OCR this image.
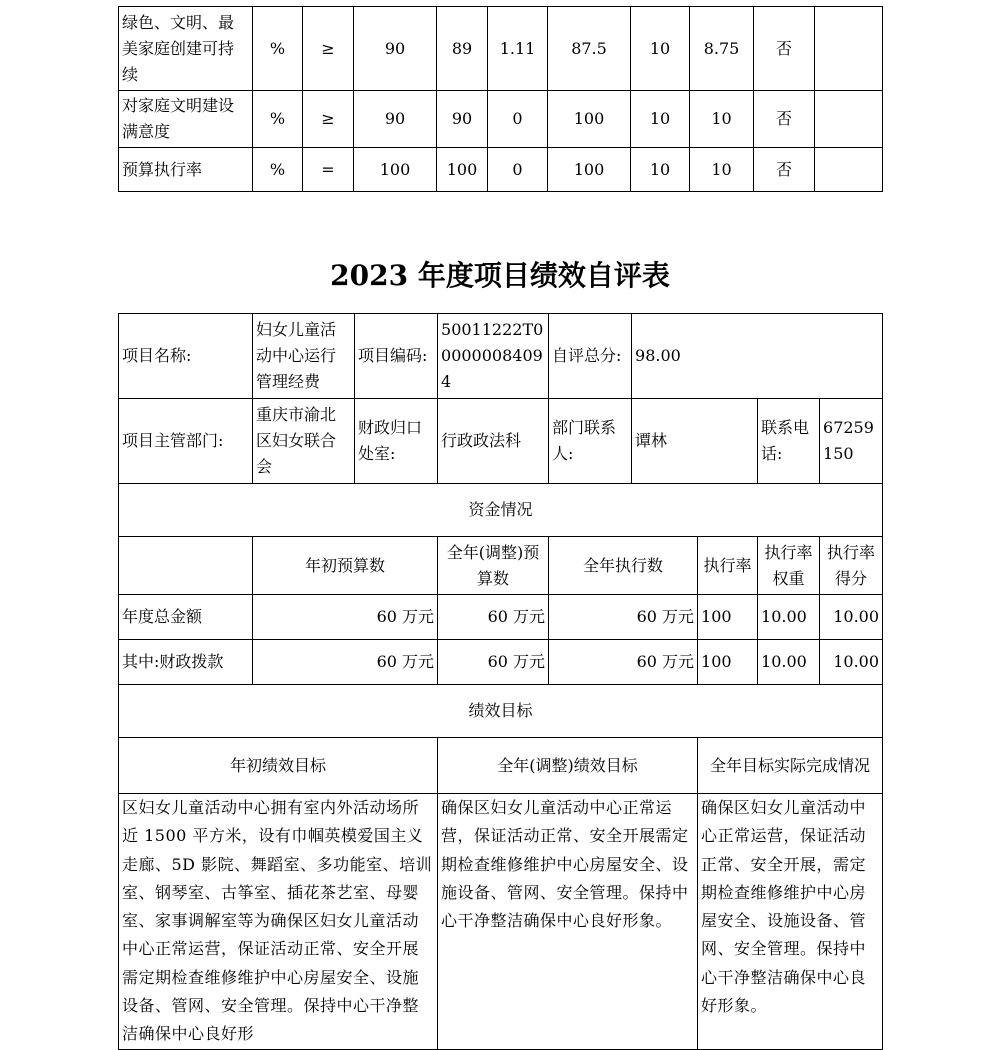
绿色、文明、最美家庭创建可持续	%	≥	90	89	1.11	87.5	10	8.75	否	
对家庭文明建设满意度	%	≥	90	90	0	100	10	10	否	
预算执行率	%	=	100	100	0	100	10	10	否	
2023 年度项目绩效自评表
项目名称:	妇女儿童活动中心运行管理经费	项目编码:	50011222T000000084094	自评总分:	98.00			
项目主管部门:	重庆市渝北区妇女联合会	财政归口处室:	行政政法科	部门联系人:	谭林		联系电话:	67259150
资金情况								
	年初预算数		全年(调整)预算数	全年执行数		执行率	执行率权重	执行率得分
年度总金额	60 万元		60 万元	60 万元		100	10.00	10.00
其中:财政拨款	60 万元		60 万元	60 万元		100	10.00	10.00
绩效目标								
年初绩效目标			全年(调整)绩效目标			全年目标实际完成情况		
区妇女儿童活动中心拥有室内外活动场所近 1500 平方米，设有巾帼英模爱国主义走廊、5D 影院、舞蹈室、多功能室、培训室、钢琴室、古筝室、插花茶艺室、母婴室、家事调解室等为确保区妇女儿童活动中心正常运营，保证活动正常、安全开展需定期检查维修维护中心房屋安全、设施设备、管网、安全管理。保持中心干净整洁确保中心良好形			确保区妇女儿童活动中心正常运营，保证活动正常、安全开展需定期检查维修维护中心房屋安全、设施设备、管网、安全管理。保持中心干净整洁确保中心良好形象。			确保区妇女儿童活动中心正常运营，保证活动正常、安全开展，需定期检查维修维护中心房屋安全、设施设备、管网、安全管理。保持中心干净整洁确保中心良好形象。		
